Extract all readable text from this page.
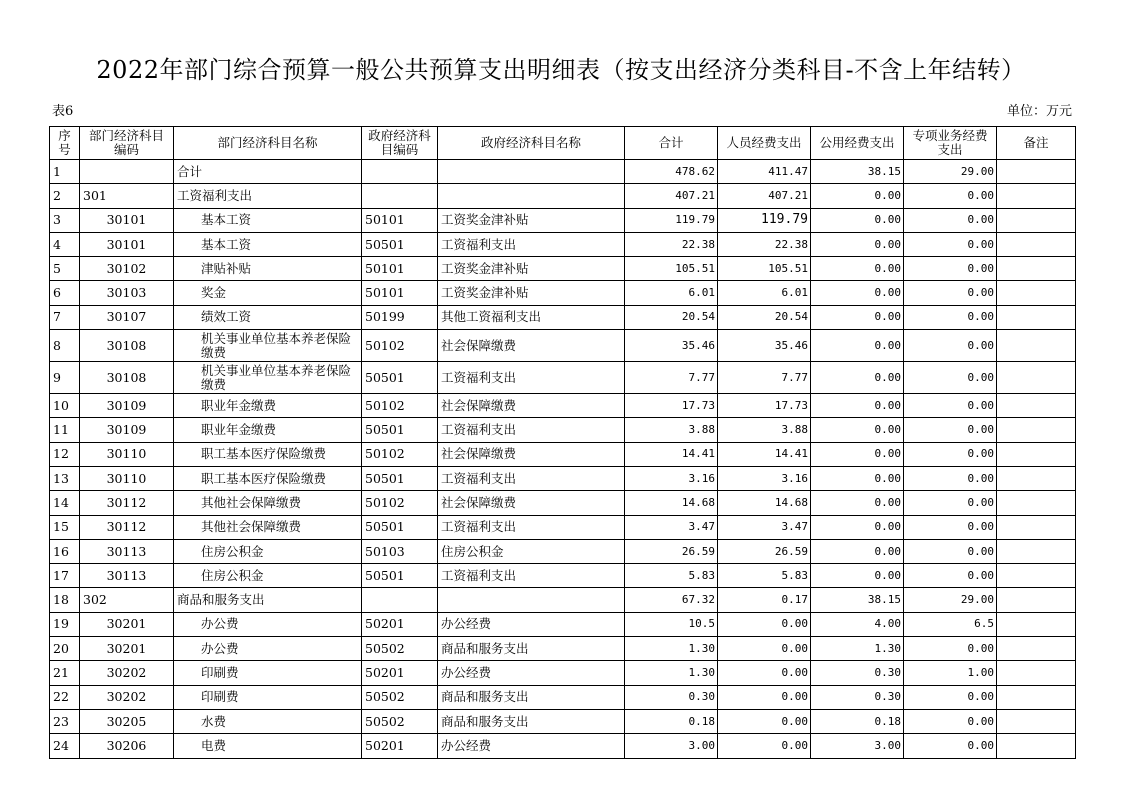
2022年部门综合预算一般公共预算支出明细表（按支出经济分类科目-不含上年结转）
表6	单位：万元
序号	部门经济科目编码	部门经济科目名称	政府经济科目编码	政府经济科目名称	合计	人员经费支出	公用经费支出	专项业务经费支出	备注
1		合计			478.62	411.47	38.15	29.00	
2	301	工资福利支出			407.21	407.21	0.00	0.00	
3	30101	基本工资	50101	工资奖金津补贴	119.79	119.79	0.00	0.00	
4	30101	基本工资	50501	工资福利支出	22.38	22.38	0.00	0.00	
5	30102	津贴补贴	50101	工资奖金津补贴	105.51	105.51	0.00	0.00	
6	30103	奖金	50101	工资奖金津补贴	6.01	6.01	0.00	0.00	
7	30107	绩效工资	50199	其他工资福利支出	20.54	20.54	0.00	0.00	
8	30108	机关事业单位基本养老保险缴费	50102	社会保障缴费	35.46	35.46	0.00	0.00	
9	30108	机关事业单位基本养老保险缴费	50501	工资福利支出	7.77	7.77	0.00	0.00	
10	30109	职业年金缴费	50102	社会保障缴费	17.73	17.73	0.00	0.00	
11	30109	职业年金缴费	50501	工资福利支出	3.88	3.88	0.00	0.00	
12	30110	职工基本医疗保险缴费	50102	社会保障缴费	14.41	14.41	0.00	0.00	
13	30110	职工基本医疗保险缴费	50501	工资福利支出	3.16	3.16	0.00	0.00	
14	30112	其他社会保障缴费	50102	社会保障缴费	14.68	14.68	0.00	0.00	
15	30112	其他社会保障缴费	50501	工资福利支出	3.47	3.47	0.00	0.00	
16	30113	住房公积金	50103	住房公积金	26.59	26.59	0.00	0.00	
17	30113	住房公积金	50501	工资福利支出	5.83	5.83	0.00	0.00	
18	302	商品和服务支出			67.32	0.17	38.15	29.00	
19	30201	办公费	50201	办公经费	10.5	0.00	4.00	6.5	
20	30201	办公费	50502	商品和服务支出	1.30	0.00	1.30	0.00	
21	30202	印刷费	50201	办公经费	1.30	0.00	0.30	1.00	
22	30202	印刷费	50502	商品和服务支出	0.30	0.00	0.30	0.00	
23	30205	水费	50502	商品和服务支出	0.18	0.00	0.18	0.00	
24	30206	电费	50201	办公经费	3.00	0.00	3.00	0.00	
